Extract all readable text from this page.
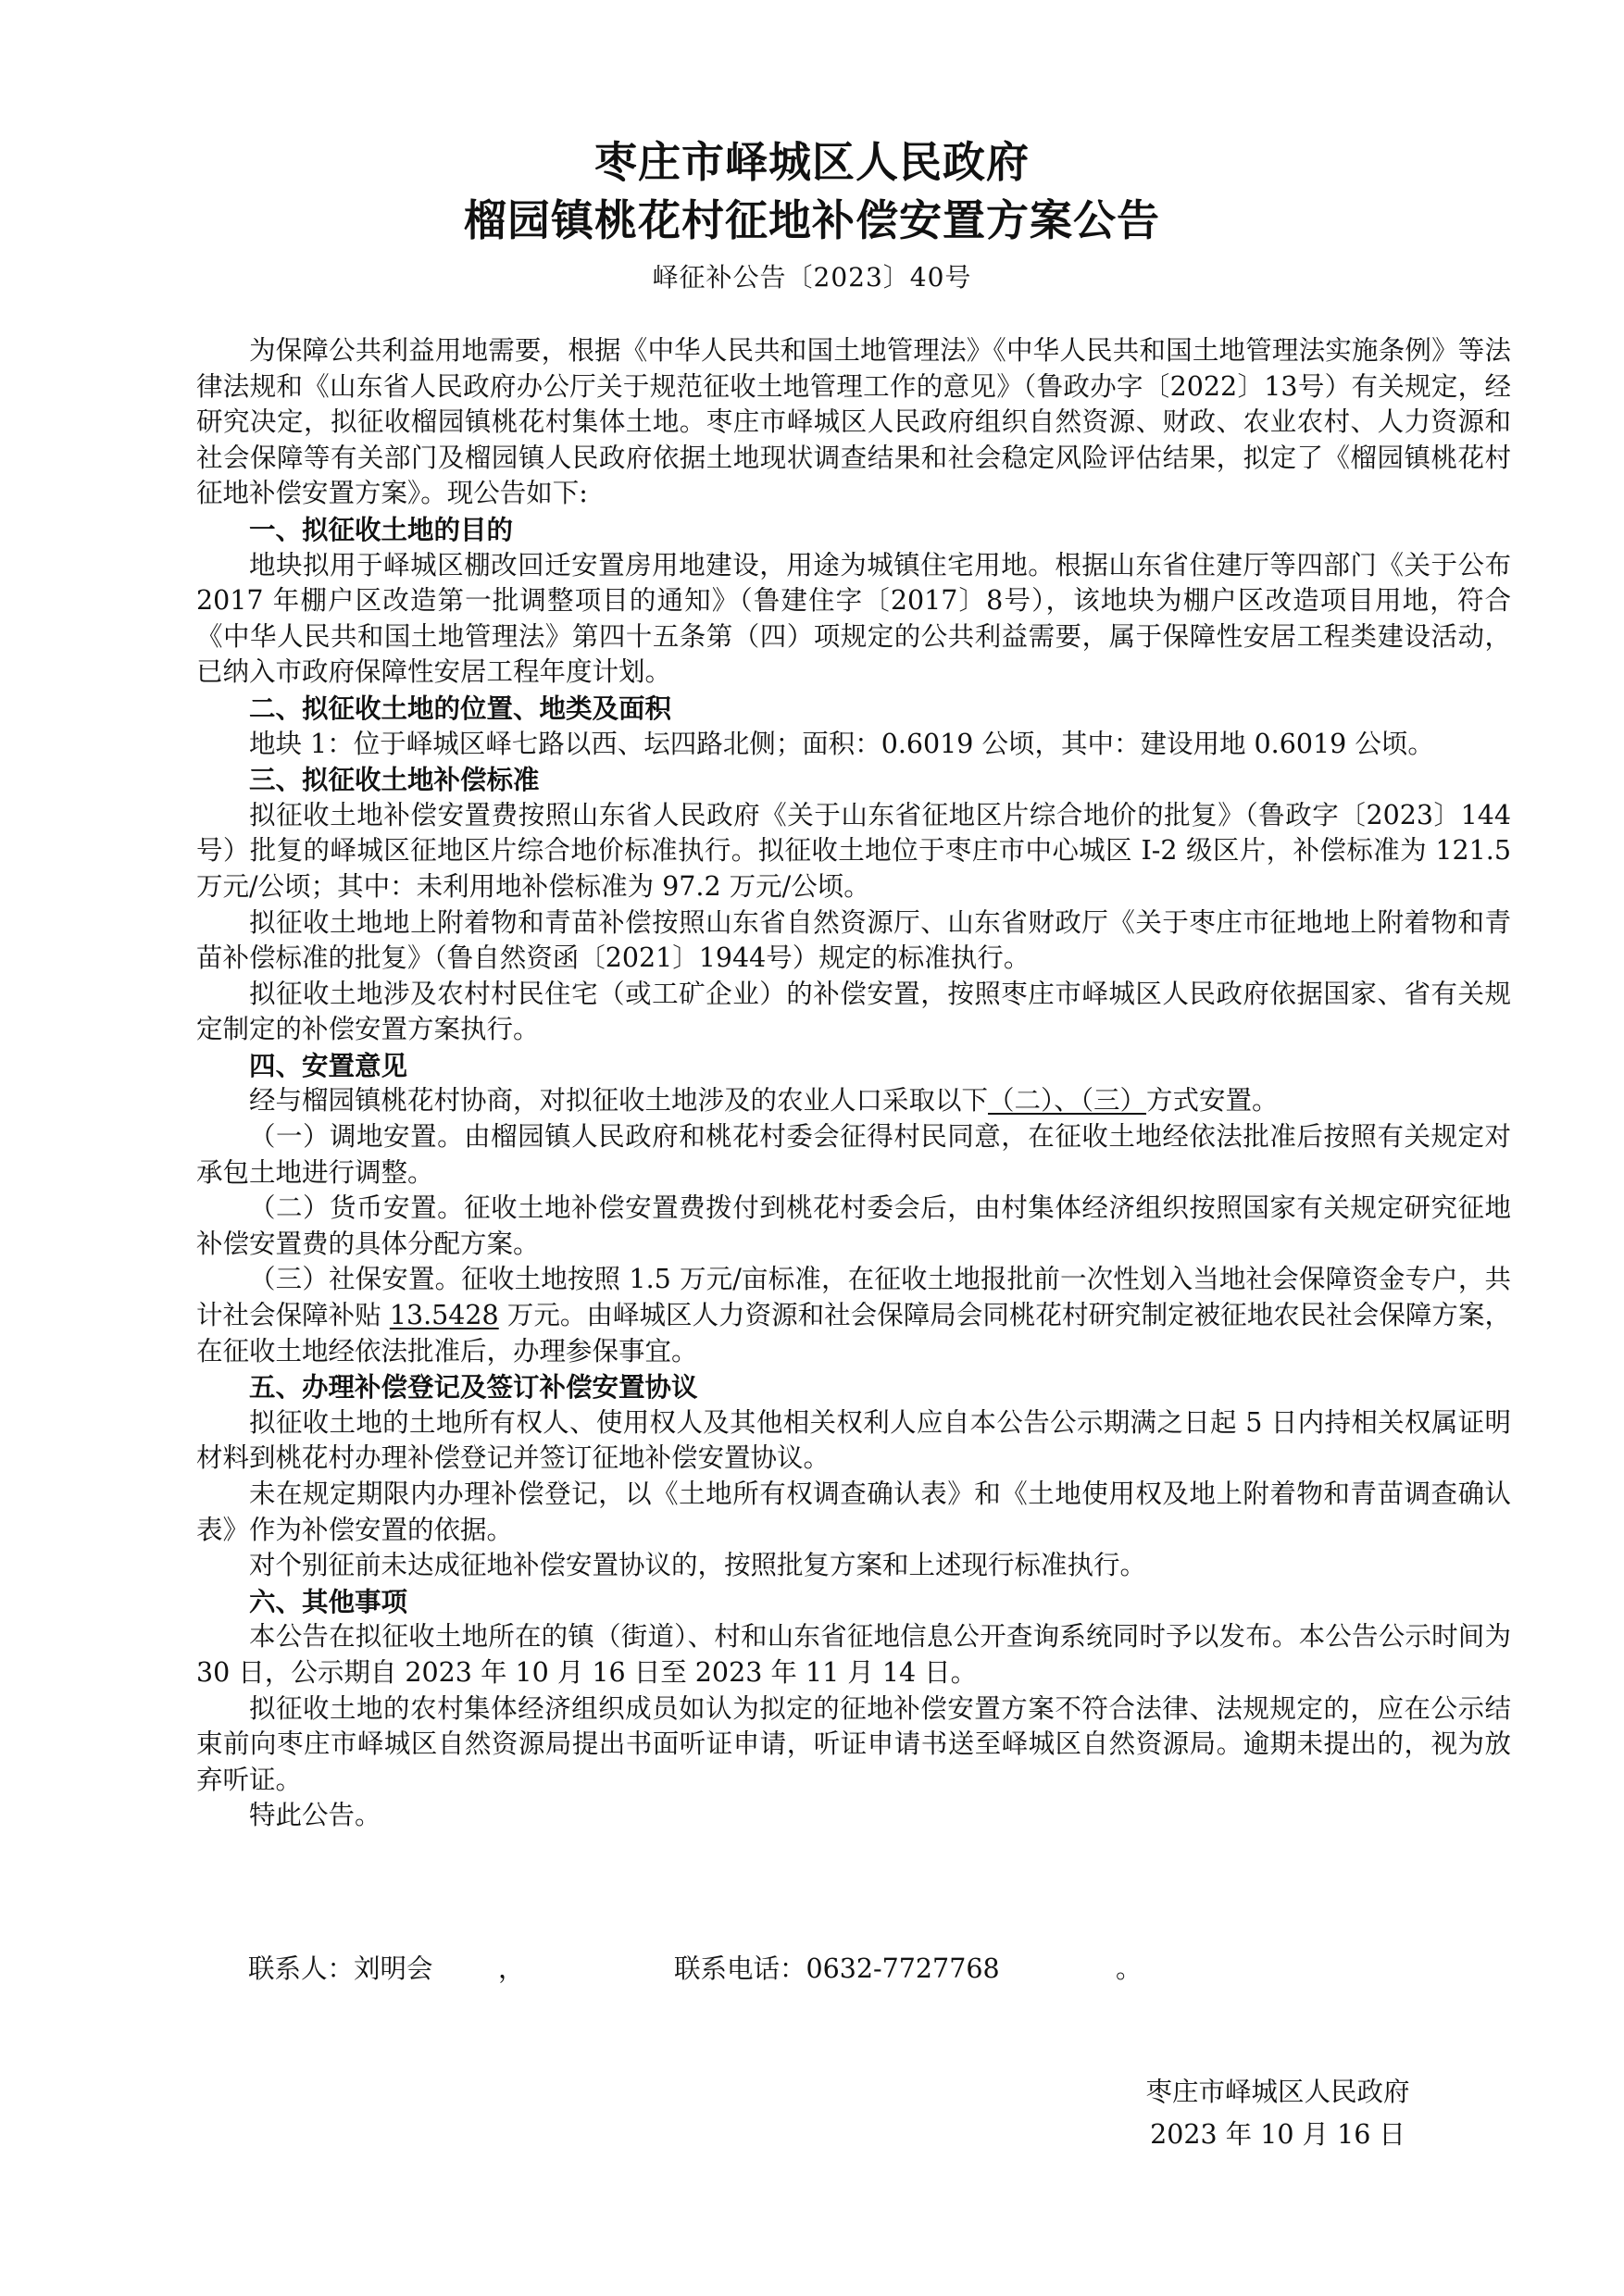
枣庄市峄城区人民政府
榴园镇桃花村征地补偿安置方案公告
峄征补公告〔2023〕40号

为保障公共利益用地需要，根据《中华人民共和国土地管理法》《中华人民共和国土地管理法实施条例》等法律法规和《山东省人民政府办公厅关于规范征收土地管理工作的意见》（鲁政办字〔2022〕13号）有关规定，经研究决定，拟征收榴园镇桃花村集体土地。枣庄市峄城区人民政府组织自然资源、财政、农业农村、人力资源和社会保障等有关部门及榴园镇人民政府依据土地现状调查结果和社会稳定风险评估结果，拟定了《榴园镇桃花村征地补偿安置方案》。现公告如下:

一、拟征收土地的目的

地块拟用于峄城区棚改回迁安置房用地建设，用途为城镇住宅用地。根据山东省住建厅等四部门《关于公布 2017 年棚户区改造第一批调整项目的通知》（鲁建住字〔2017〕8号），该地块为棚户区改造项目用地，符合《中华人民共和国土地管理法》第四十五条第（四）项规定的公共利益需要，属于保障性安居工程类建设活动，已纳入市政府保障性安居工程年度计划。

二、拟征收土地的位置、地类及面积

地块 1：位于峄城区峄七路以西、坛四路北侧；面积：0.6019 公顷，其中：建设用地 0.6019 公顷。

三、拟征收土地补偿标准

拟征收土地补偿安置费按照山东省人民政府《关于山东省征地区片综合地价的批复》（鲁政字〔2023〕144号）批复的峄城区征地区片综合地价标准执行。拟征收土地位于枣庄市中心城区 I-2 级区片，补偿标准为 121.5 万元/公顷；其中：未利用地补偿标准为 97.2 万元/公顷。

拟征收土地地上附着物和青苗补偿按照山东省自然资源厅、山东省财政厅《关于枣庄市征地地上附着物和青苗补偿标准的批复》（鲁自然资函〔2021〕1944号）规定的标准执行。

拟征收土地涉及农村村民住宅（或工矿企业）的补偿安置，按照枣庄市峄城区人民政府依据国家、省有关规定制定的补偿安置方案执行。

四、安置意见

经与榴园镇桃花村协商，对拟征收土地涉及的农业人口采取以下（二）、（三）方式安置。

（一）调地安置。由榴园镇人民政府和桃花村委会征得村民同意，在征收土地经依法批准后按照有关规定对承包土地进行调整。

（二）货币安置。征收土地补偿安置费拨付到桃花村委会后，由村集体经济组织按照国家有关规定研究征地补偿安置费的具体分配方案。

（三）社保安置。征收土地按照 1.5 万元/亩标准，在征收土地报批前一次性划入当地社会保障资金专户，共计社会保障补贴 13.5428 万元。由峄城区人力资源和社会保障局会同桃花村研究制定被征地农民社会保障方案，在征收土地经依法批准后，办理参保事宜。

五、办理补偿登记及签订补偿安置协议

拟征收土地的土地所有权人、使用权人及其他相关权利人应自本公告公示期满之日起 5 日内持相关权属证明材料到桃花村办理补偿登记并签订征地补偿安置协议。

未在规定期限内办理补偿登记，以《土地所有权调查确认表》和《土地使用权及地上附着物和青苗调查确认表》作为补偿安置的依据。

对个别征前未达成征地补偿安置协议的，按照批复方案和上述现行标准执行。

六、其他事项

本公告在拟征收土地所在的镇（街道）、村和山东省征地信息公开查询系统同时予以发布。本公告公示时间为 30 日，公示期自 2023 年 10 月 16 日至 2023 年 11 月 14 日。

拟征收土地的农村集体经济组织成员如认为拟定的征地补偿安置方案不符合法律、法规规定的，应在公示结束前向枣庄市峄城区自然资源局提出书面听证申请，听证申请书送至峄城区自然资源局。逾期未提出的，视为放弃听证。

特此公告。

联系人：刘明会 ，	联系电话：0632-7727768	。
枣庄市峄城区人民政府
2023 年 10 月 16 日
